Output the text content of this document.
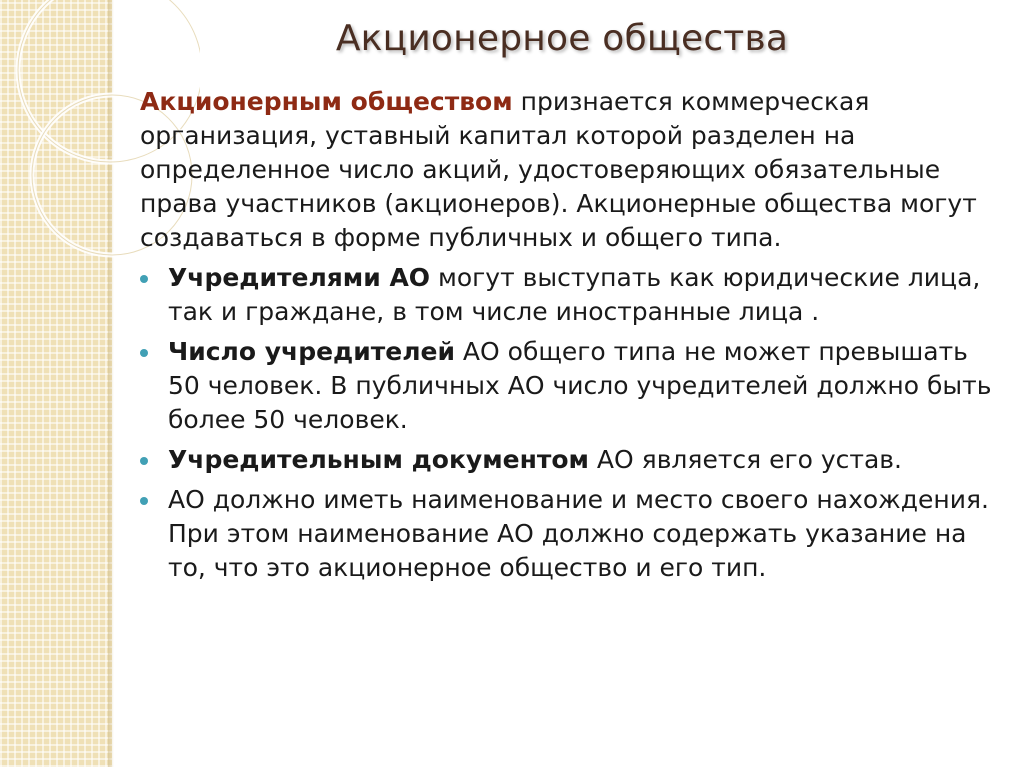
Акционерное общества

Акционерным обществом признается коммерческая организация, уставный капитал которой разделен на определенное число акций, удостоверяющих обязательные права участников (акционеров). Акционерные общества могут создаваться в форме публичных и общего типа.

Учредителями АО могут выступать как юридические лица, так и граждане, в том числе иностранные лица .
Число учредителей АО общего типа не может превышать 50 человек. В публичных АО число учредителей должно быть более 50 человек.
Учредительным документом АО является его устав.
АО должно иметь наименование и место своего нахождения. При этом наименование АО должно содержать указание на то, что это акционерное общество и его тип.
